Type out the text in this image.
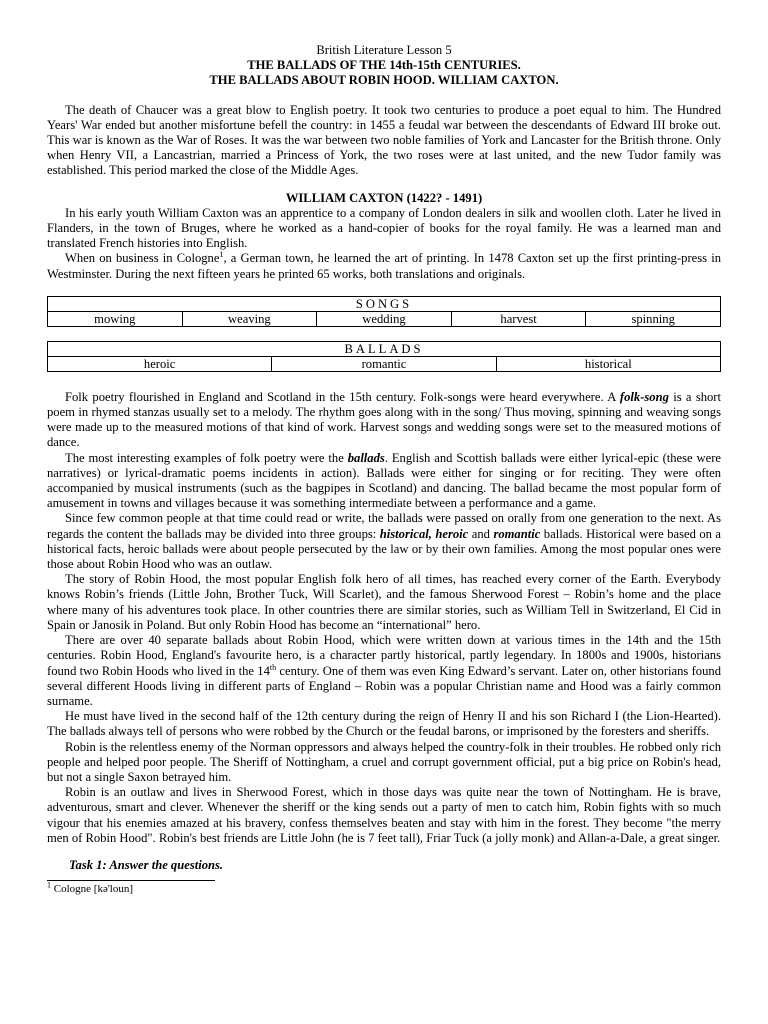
British Literature Lesson 5
THE BALLADS OF THE 14th-15th CENTURIES.
THE BALLADS ABOUT ROBIN HOOD. WILLIAM CAXTON.

The death of Chaucer was a great blow to English poetry. It took two centuries to produce a poet equal to him. The Hundred Years' War ended but another misfortune befell the country: in 1455 a feudal war between the descendants of Edward III broke out. This war is known as the War of Roses. It was the war between two noble families of York and Lancaster for the British throne. Only when Henry VII, a Lancastrian, married a Princess of York, the two roses were at last united, and the new Tudor family was established. This period marked the close of the Middle Ages.

WILLIAM CAXTON (1422? - 1491)

In his early youth William Caxton was an apprentice to a company of London dealers in silk and woollen cloth. Later he lived in Flanders, in the town of Bruges, where he worked as a hand-copier of books for the royal family. He was a learned man and translated French histories into English.

When on business in Cologne$^1$, a German town, he learned the art of printing. In 1478 Caxton set up the first printing-press in Westminster. During the next fifteen years he printed 65 works, both translations and originals.

SONGS
mowing	weaving	wedding	harvest	spinning
BALLADS
heroic	romantic	historical

Folk poetry flourished in England and Scotland in the 15th century. Folk-songs were heard everywhere. A folk-song is a short poem in rhymed stanzas usually set to a melody. The rhythm goes along with in the song/ Thus moving, spinning and weaving songs were made up to the measured motions of that kind of work. Harvest songs and wedding songs were set to the measured motions of dance.

The most interesting examples of folk poetry were the ballads. English and Scottish ballads were either lyrical-epic (these were narratives) or lyrical-dramatic poems incidents in action). Ballads were either for singing or for reciting. They were often accompanied by musical instruments (such as the bagpipes in Scotland) and dancing. The ballad became the most popular form of amusement in towns and villages because it was something intermediate between a performance and a game.

Since few common people at that time could read or write, the ballads were passed on orally from one generation to the next. As regards the content the ballads may be divided into three groups: historical, heroic and romantic ballads. Historical were based on a historical facts, heroic ballads were about people persecuted by the law or by their own families. Among the most popular ones were those about Robin Hood who was an outlaw.

The story of Robin Hood, the most popular English folk hero of all times, has reached every corner of the Earth. Everybody knows Robin’s friends (Little John, Brother Tuck, Will Scarlet), and the famous Sherwood Forest – Robin’s home and the place where many of his adventures took place. In other countries there are similar stories, such as William Tell in Switzerland, El Cid in Spain or Janosik in Poland. But only Robin Hood has become an “international” hero.

There are over 40 separate ballads about Robin Hood, which were written down at various times in the 14th and the 15th centuries. Robin Hood, England's favourite hero, is a character partly historical, partly legendary. In 1800s and 1900s, historians found two Robin Hoods who lived in the 14th century. One of them was even King Edward’s servant. Later on, other historians found several different Hoods living in different parts of England – Robin was a popular Christian name and Hood was a fairly common surname.

He must have lived in the second half of the 12th century during the reign of Henry II and his son Richard I (the Lion-Hearted). The ballads always tell of persons who were robbed by the Church or the feudal barons, or imprisoned by the foresters and sheriffs.

Robin is the relentless enemy of the Norman oppressors and always helped the country-folk in their troubles. He robbed only rich people and helped poor people. The Sheriff of Nottingham, a cruel and corrupt government official, put a big price on Robin's head, but not a single Saxon betrayed him.

Robin is an outlaw and lives in Sherwood Forest, which in those days was quite near the town of Nottingham. He is brave, adventurous, smart and clever. Whenever the sheriff or the king sends out a party of men to catch him, Robin fights with so much vigour that his enemies amazed at his bravery, confess themselves beaten and stay with him in the forest. They become "the merry men of Robin Hood". Robin's best friends are Little John (he is 7 feet tall), Friar Tuck (a jolly monk) and Allan-a-Dale, a great singer.

Task 1: Answer the questions.
$^1$ Cologne [kə'loun]
